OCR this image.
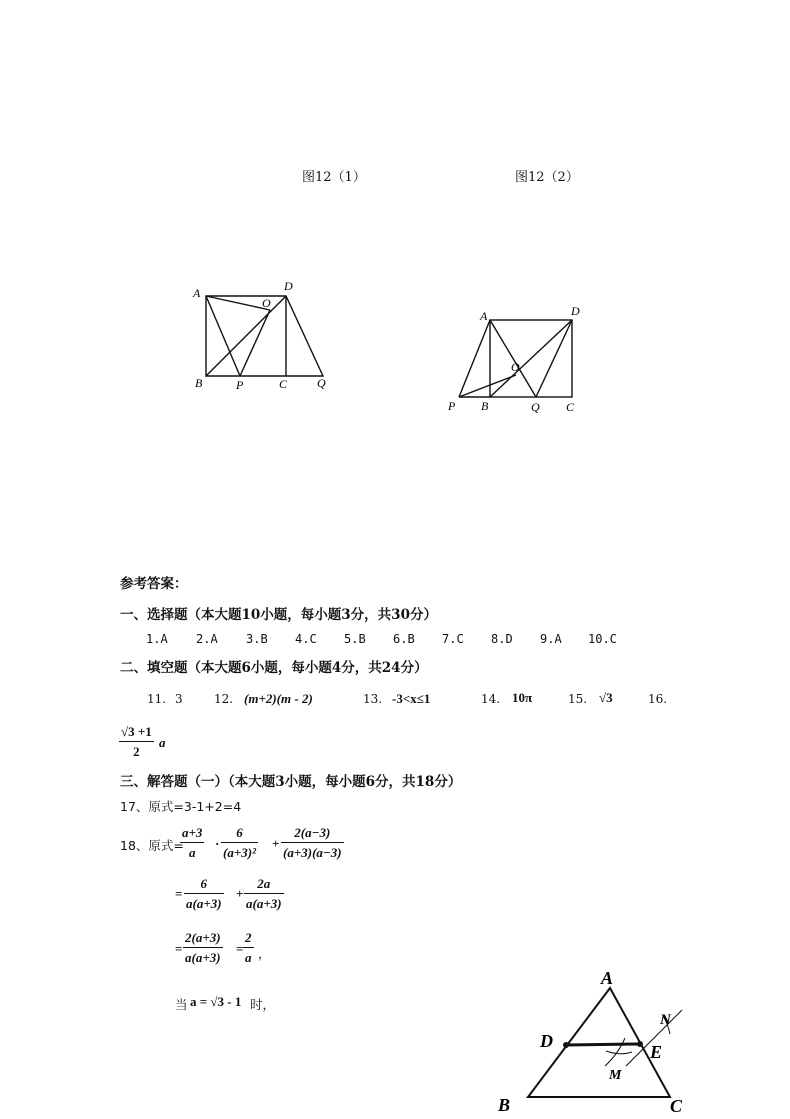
图12（1）	图12（2）
A	D
O
B	P	C Q
A	D
O
P B	Q C
参考答案：
一、选择题（本大题10小题，每小题3分，共30分）
1.A 2.A 3.B 4.C 5.B 6.B 7.C 8.D 9.A 10.C
二、填空题（本大题6小题，每小题4分，共24分）
11. 3	12. (m+2)(m - 2)	13. -3<x≤1	14. 10π	15. √3	16.
√3 +1
2
a
三、解答题（一）（本大题3小题，每小题6分，共18分）
17、原式=3-1+2=4
18、原式=
a+3
a
·
6
(a+3)²
+
2(a−3)
(a+3)(a−3)
=
6
a(a+3)
+
2a
a(a+3)
=
2(a+3)
a(a+3)
=
2
a ，
当 a = √3 - 1 时，
A
D
E
N
M
B	C
